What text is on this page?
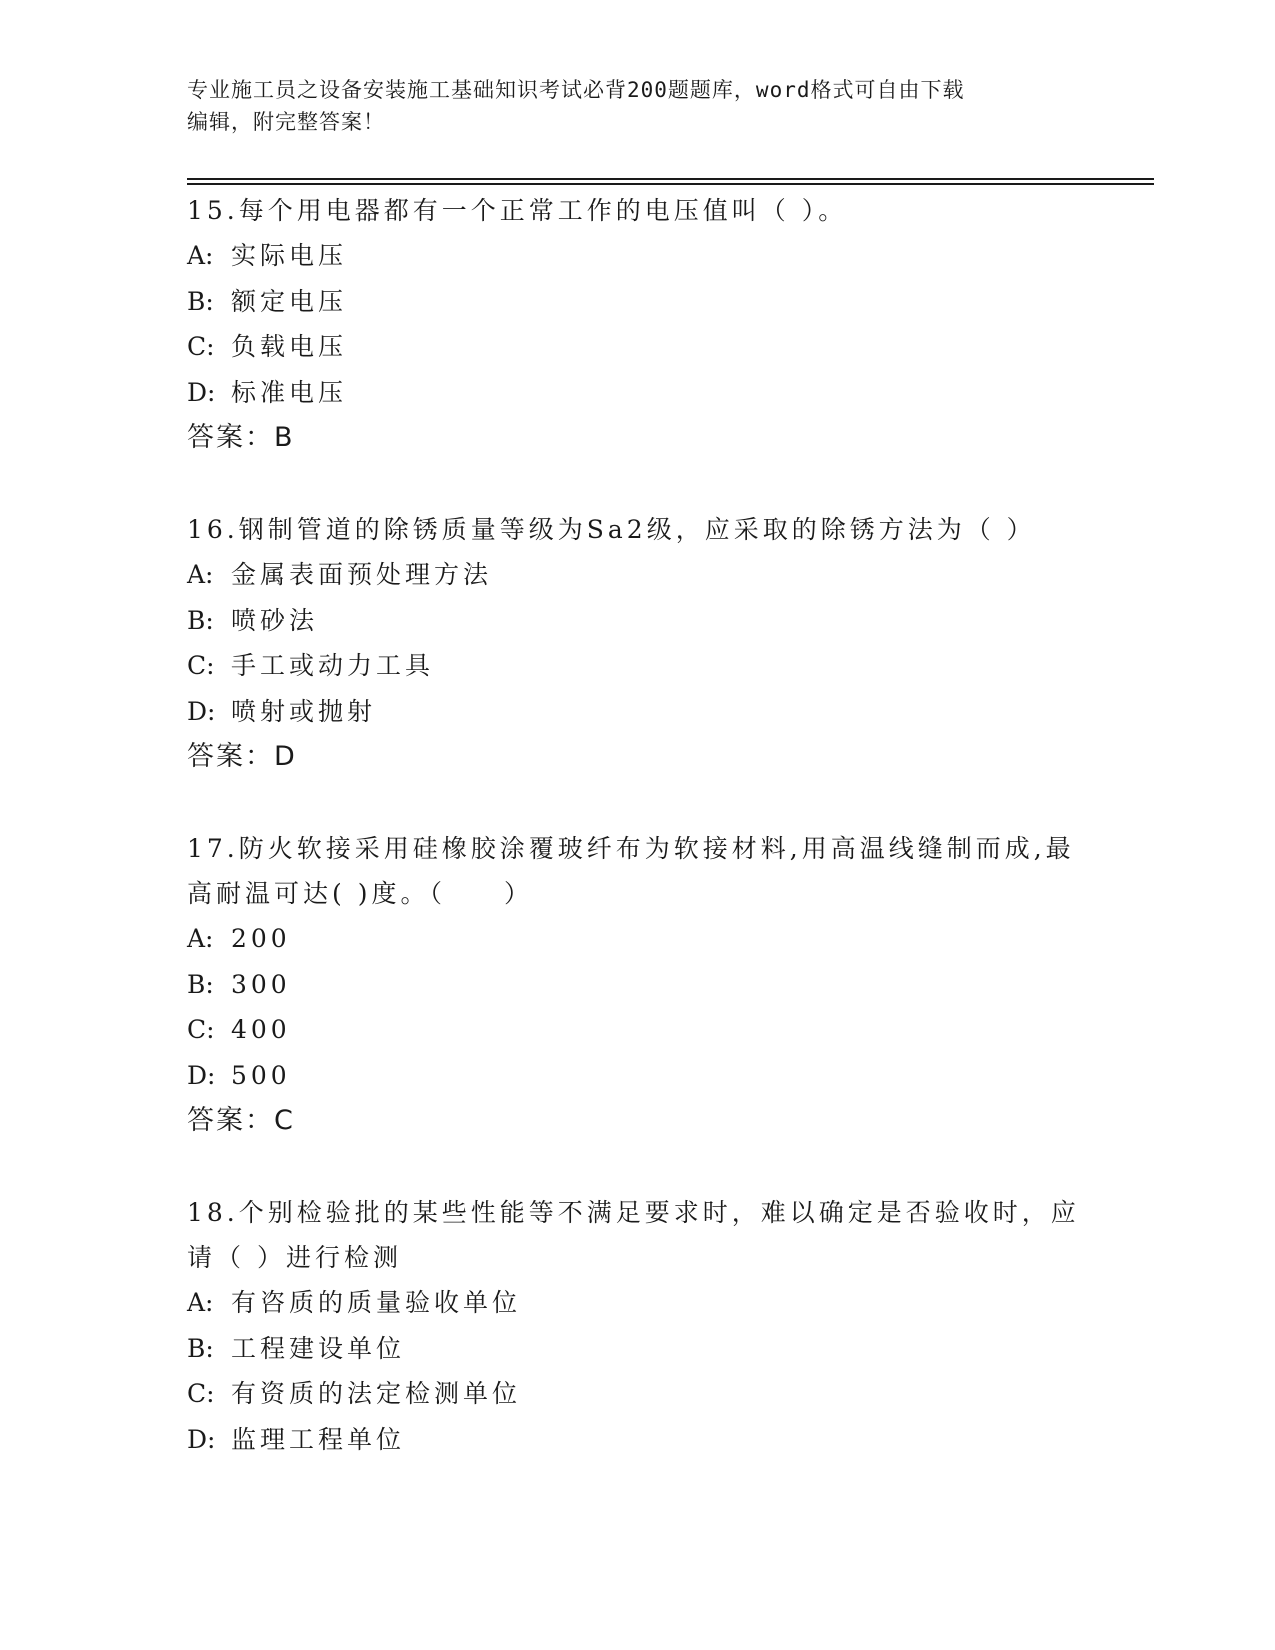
专业施工员之设备安装施工基础知识考试必背200题题库，word格式可自由下载
编辑，附完整答案！
15.每个用电器都有一个正常工作的电压值叫（ ）。
A: 实际电压
B: 额定电压
C: 负载电压
D: 标准电压
答案：B
16.钢制管道的除锈质量等级为Sa2级，应采取的除锈方法为（ ）
A: 金属表面预处理方法
B: 喷砂法
C: 手工或动力工具
D: 喷射或抛射
答案：D
17.防火软接采用硅橡胶涂覆玻纤布为软接材料,用高温线缝制而成,最高耐温可达( )度。（　　）
A: 200
B: 300
C: 400
D: 500
答案：C
18.个别检验批的某些性能等不满足要求时，难以确定是否验收时，应请（ ）进行检测
A: 有咨质的质量验收单位
B: 工程建设单位
C: 有资质的法定检测单位
D: 监理工程单位
